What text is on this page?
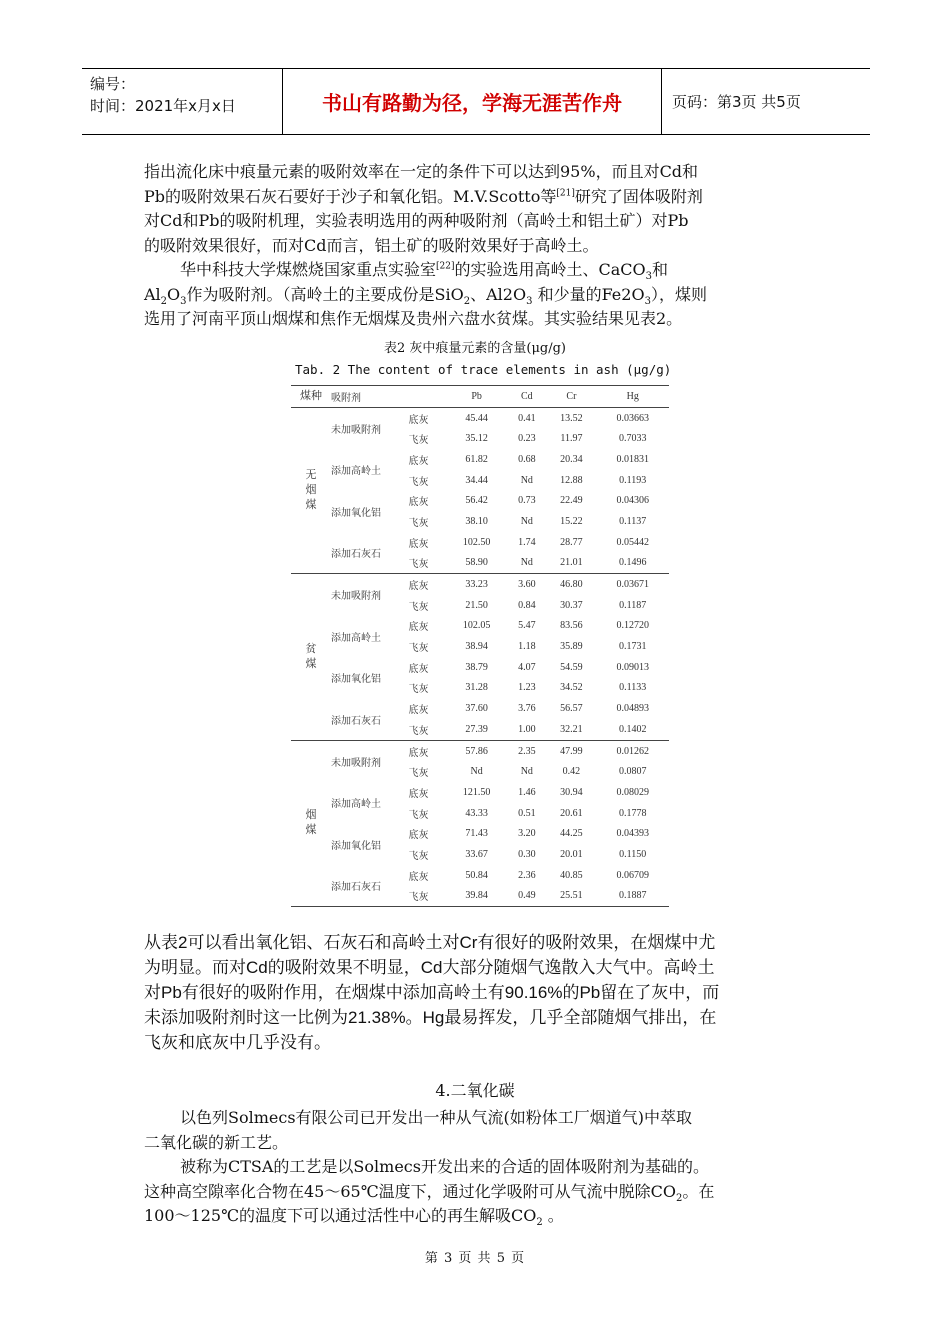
编号：
时间：2021年x月x日	书山有路勤为径，学海无涯苦作舟	页码：第3页 共5页

指出流化床中痕量元素的吸附效率在一定的条件下可以达到95%，而且对Cd和

Pb的吸附效果石灰石要好于沙子和氧化铝。M.V.Scotto等[21]研究了固体吸附剂

对Cd和Pb的吸附机理，实验表明选用的两种吸附剂（高岭土和铝土矿）对Pb

的吸附效果很好，而对Cd而言，铝土矿的吸附效果好于高岭土。

华中科技大学煤燃烧国家重点实验室[22]的实验选用高岭土、CaCO$_3$和

$Al_2O_3$作为吸附剂。（高岭土的主要成份是SiO$_2$、$Al2O_3$ 和少量的$Fe2O_3$），煤则

选用了河南平顶山烟煤和焦作无烟煤及贵州六盘水贫煤。其实验结果见表2。

表2 灰中痕量元素的含量(μg/g)
Tab. 2 The content of trace elements in ash (μg/g)
煤种	吸附剂		Pb	Cd	Cr	Hg
无
烟
煤	未加吸附剂	底灰	45.44	0.41	13.52	0.03663
		飞灰	35.12	0.23	11.97	0.7033
	添加高岭土	底灰	61.82	0.68	20.34	0.01831
		飞灰	34.44	Nd	12.88	0.1193
	添加氧化铝	底灰	56.42	0.73	22.49	0.04306
		飞灰	38.10	Nd	15.22	0.1137
	添加石灰石	底灰	102.50	1.74	28.77	0.05442
		飞灰	58.90	Nd	21.01	0.1496
贫
煤	未加吸附剂	底灰	33.23	3.60	46.80	0.03671
		飞灰	21.50	0.84	30.37	0.1187
	添加高岭土	底灰	102.05	5.47	83.56	0.12720
		飞灰	38.94	1.18	35.89	0.1731
	添加氧化铝	底灰	38.79	4.07	54.59	0.09013
		飞灰	31.28	1.23	34.52	0.1133
	添加石灰石	底灰	37.60	3.76	56.57	0.04893
		飞灰	27.39	1.00	32.21	0.1402
烟
煤	未加吸附剂	底灰	57.86	2.35	47.99	0.01262
		飞灰	Nd	Nd	0.42	0.0807
	添加高岭土	底灰	121.50	1.46	30.94	0.08029
		飞灰	43.33	0.51	20.61	0.1778
	添加氧化铝	底灰	71.43	3.20	44.25	0.04393
		飞灰	33.67	0.30	20.01	0.1150
	添加石灰石	底灰	50.84	2.36	40.85	0.06709
		飞灰	39.84	0.49	25.51	0.1887

从表2可以看出氧化铝、石灰石和高岭土对Cr有很好的吸附效果，在烟煤中尤

为明显。而对Cd的吸附效果不明显，Cd大部分随烟气逸散入大气中。高岭土

对Pb有很好的吸附作用，在烟煤中添加高岭土有90.16%的Pb留在了灰中，而

未添加吸附剂时这一比例为21.38%。Hg最易挥发，几乎全部随烟气排出，在

飞灰和底灰中几乎没有。

4.二氧化碳

以色列Solmecs有限公司已开发出一种从气流(如粉体工厂烟道气)中萃取

二氧化碳的新工艺。

被称为CTSA的工艺是以Solmecs开发出来的合适的固体吸附剂为基础的。

这种高空隙率化合物在45～65℃温度下，通过化学吸附可从气流中脱除$CO_2$。在

100～125℃的温度下可以通过活性中心的再生解吸$CO_2$ 。

第 3 页 共 5 页
